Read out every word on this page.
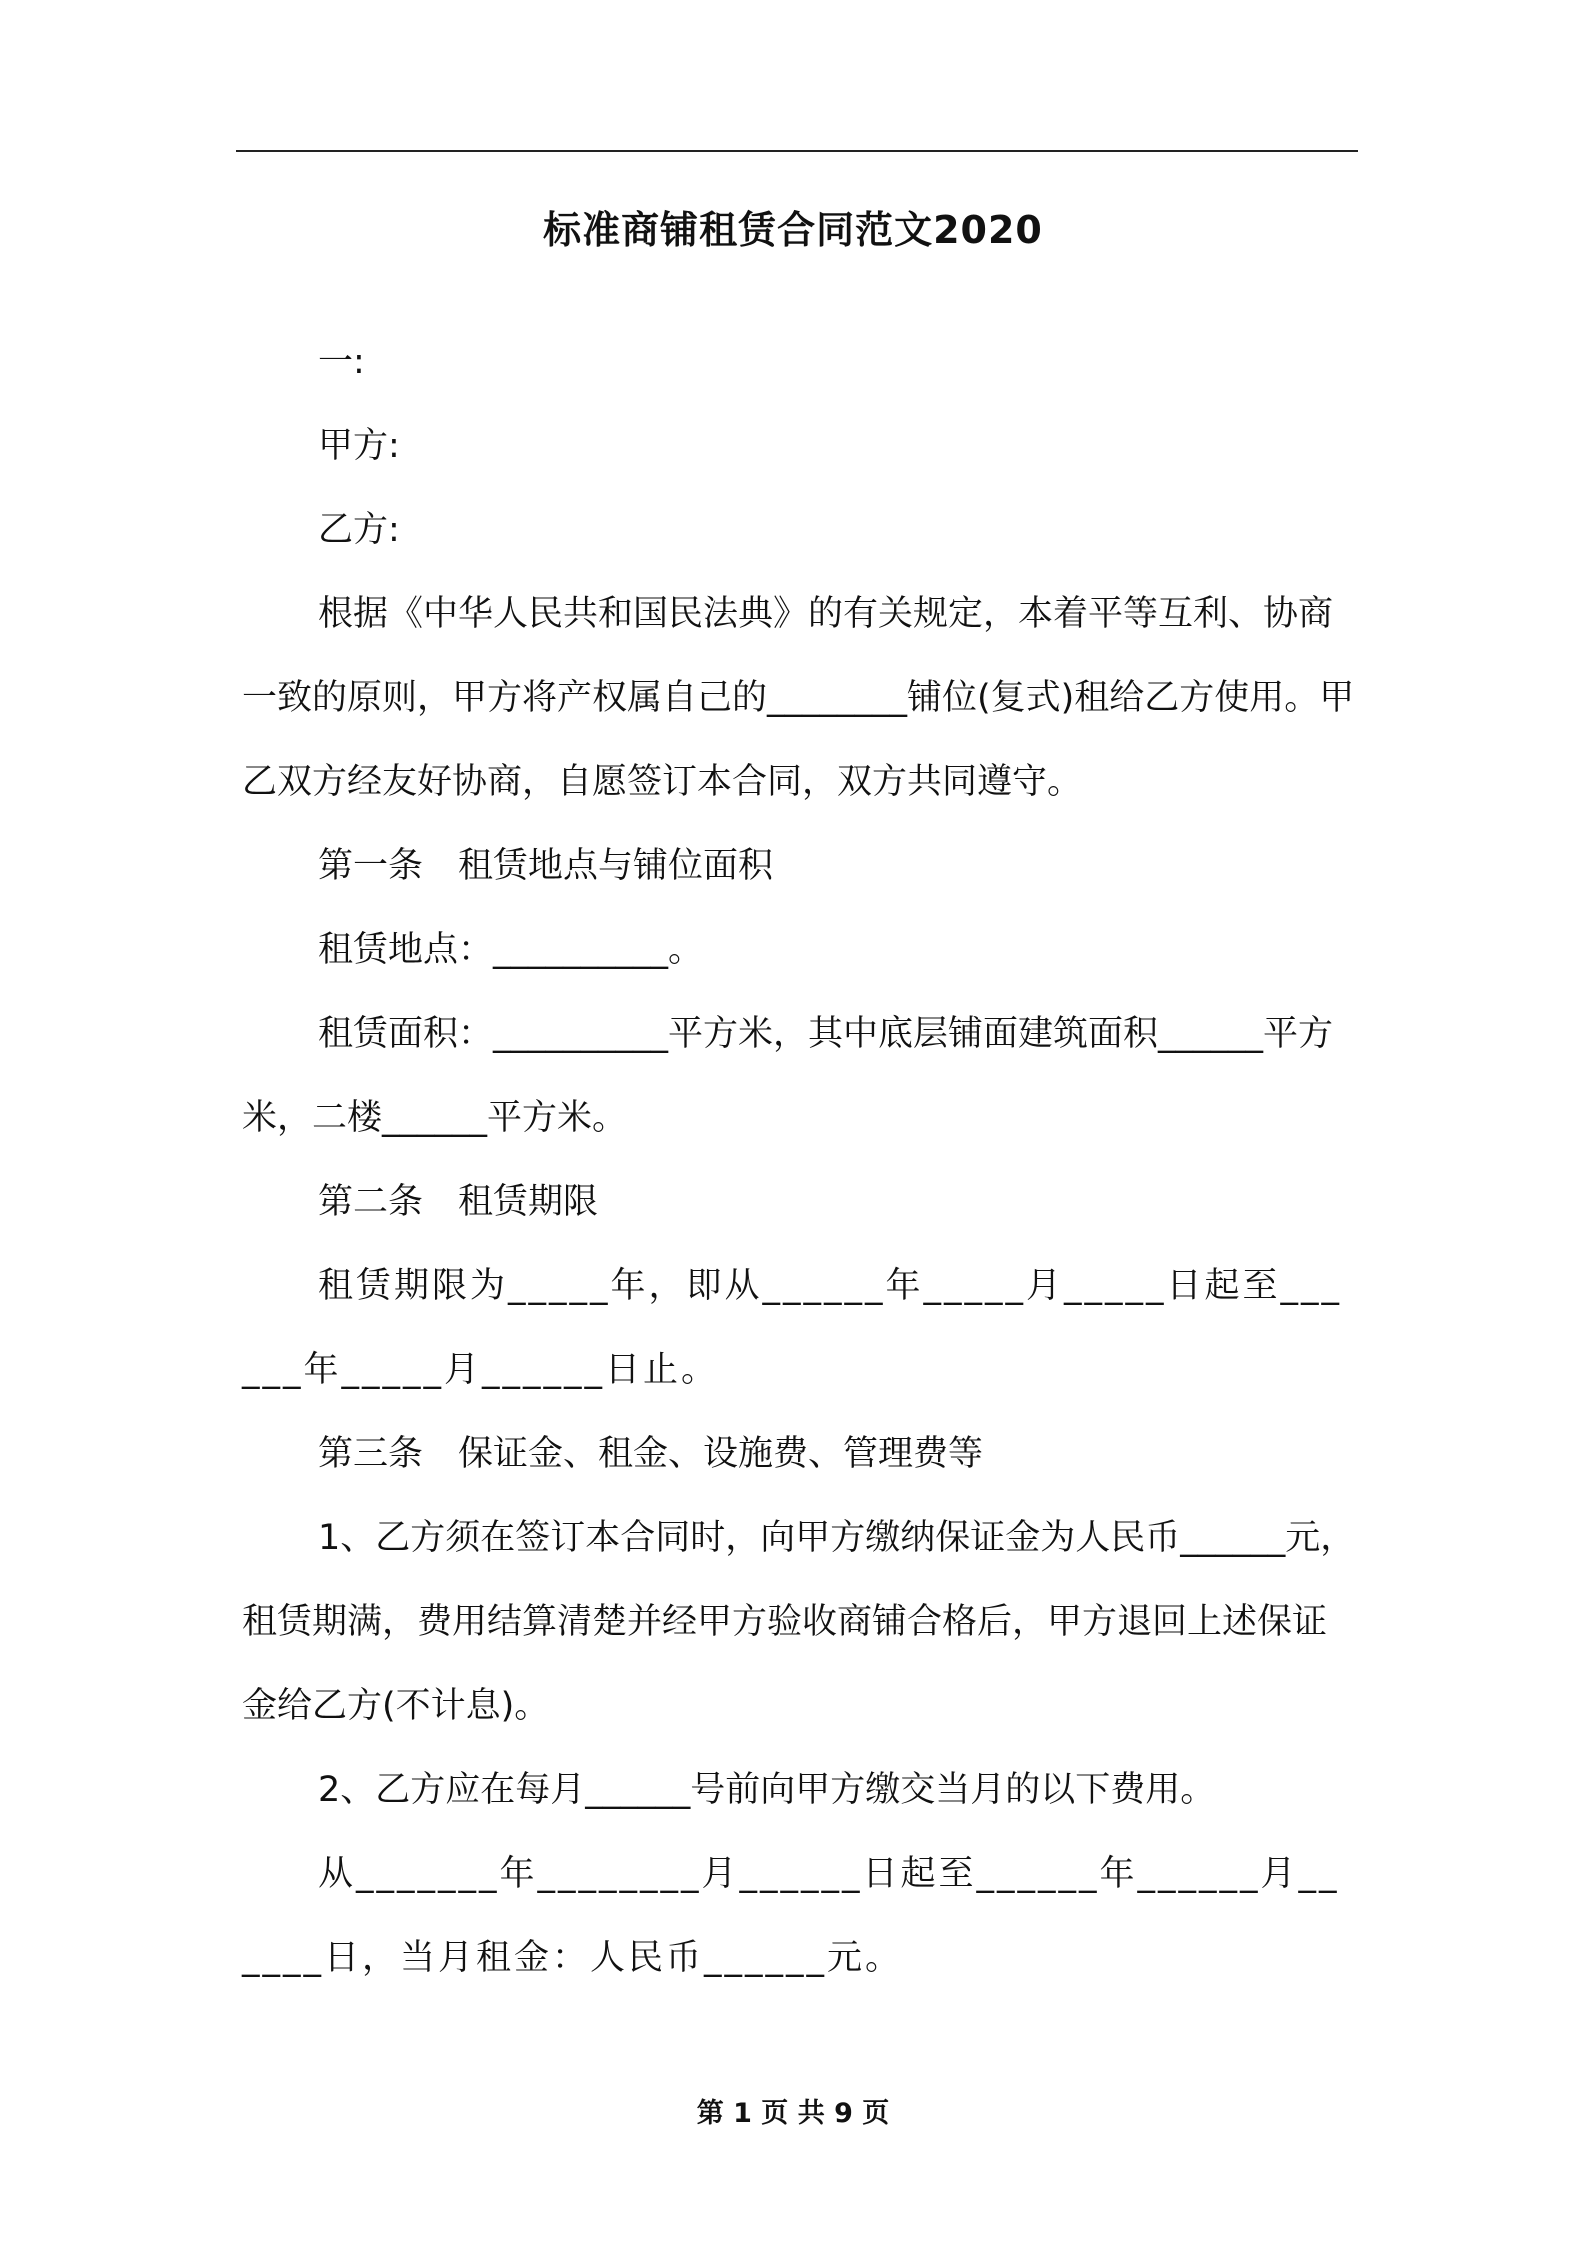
标准商铺租赁合同范文2020

一:

甲方:

乙方:

根据《中华人民共和国民法典》的有关规定，本着平等互利、协商一致的原则，甲方将产权属自己的________铺位(复式)租给乙方使用。甲乙双方经友好协商，自愿签订本合同，双方共同遵守。

第一条　租赁地点与铺位面积

租赁地点：__________。

租赁面积：__________平方米，其中底层铺面建筑面积______平方米，二楼______平方米。

第二条　租赁期限

租赁期限为_____年，即从______年_____月_____日起至______年_____月______日止。

第三条　保证金、租金、设施费、管理费等

1、乙方须在签订本合同时，向甲方缴纳保证金为人民币______元，租赁期满，费用结算清楚并经甲方验收商铺合格后，甲方退回上述保证金给乙方(不计息)。

2、乙方应在每月______号前向甲方缴交当月的以下费用。

从_______年________月______日起至______年______月______日，当月租金：人民币______元。

第 1 页 共 9 页
